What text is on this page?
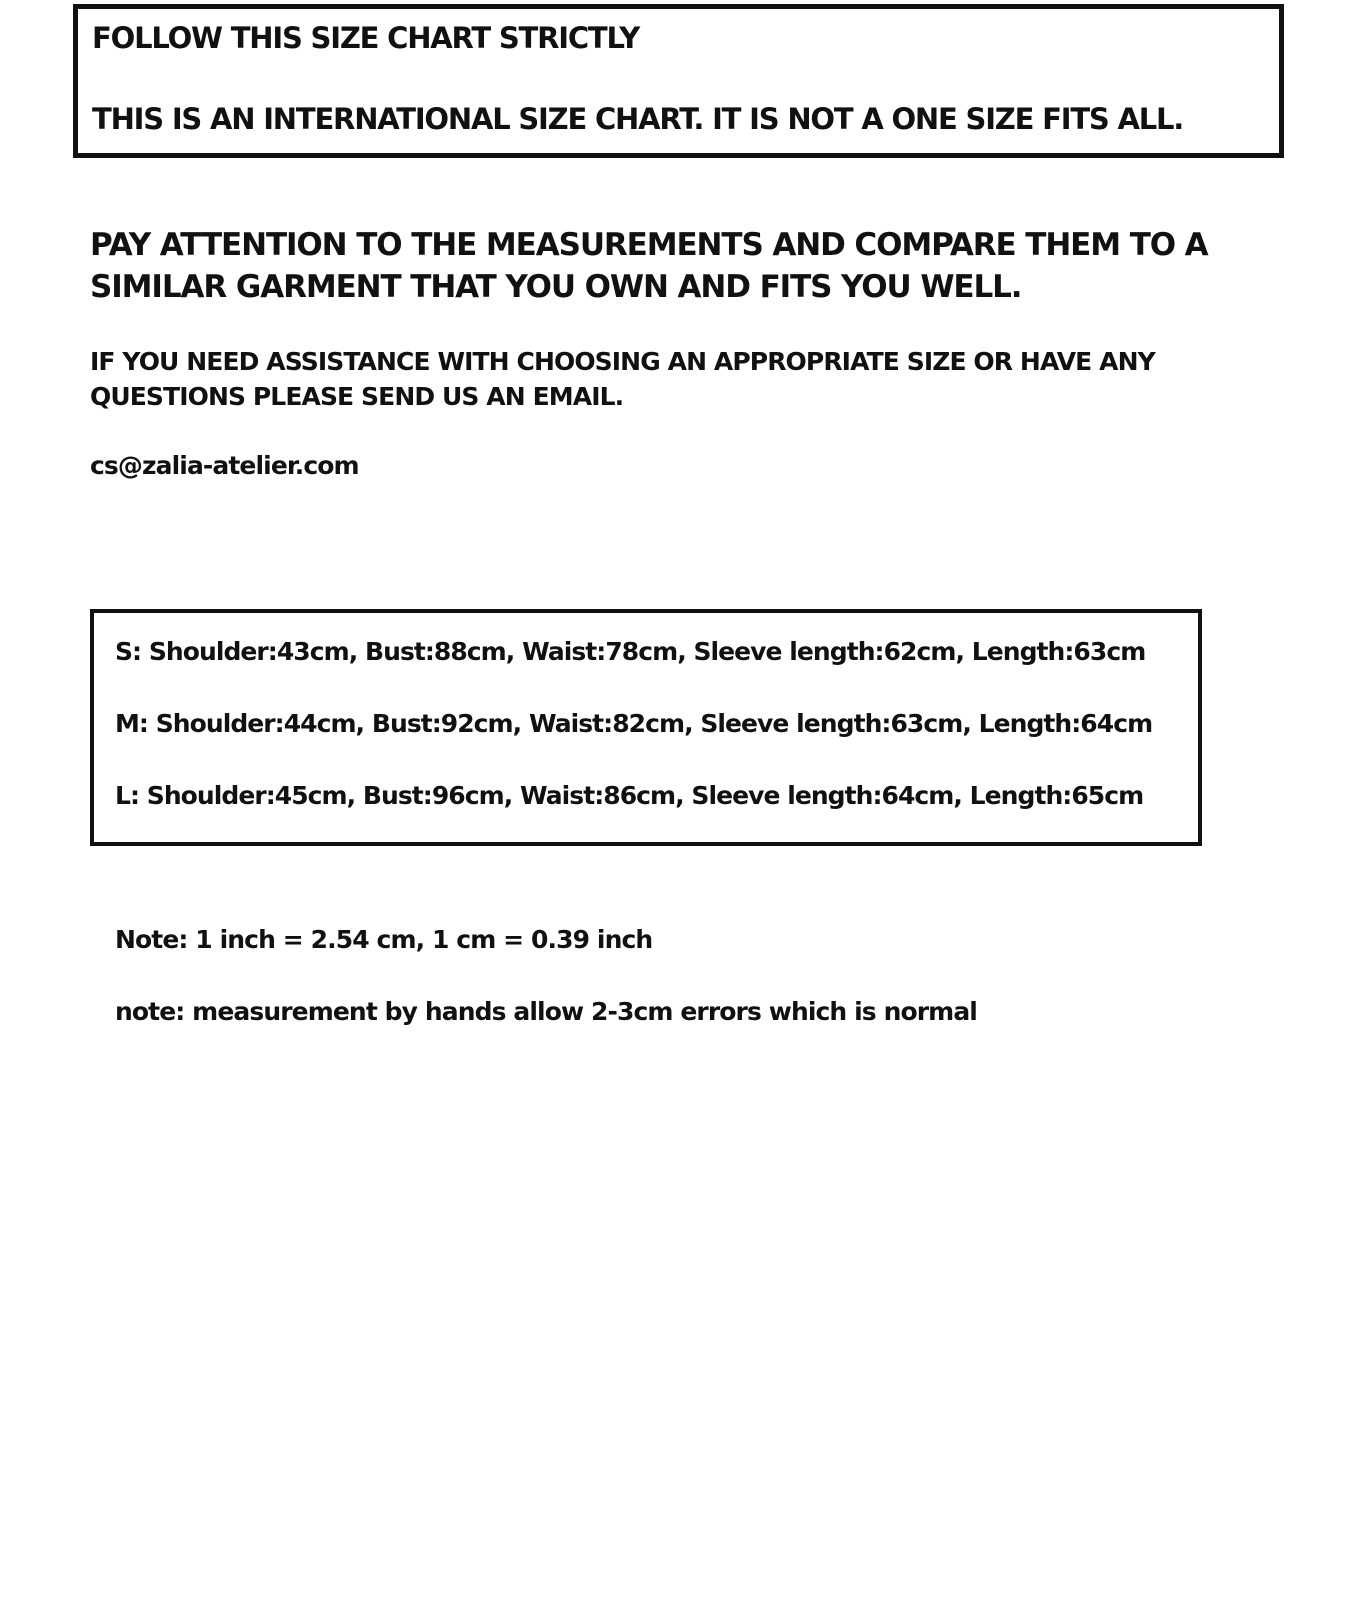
FOLLOW THIS SIZE CHART STRICTLY
THIS IS AN INTERNATIONAL SIZE CHART. IT IS NOT A ONE SIZE FITS ALL.
PAY ATTENTION TO THE MEASUREMENTS AND COMPARE THEM TO A SIMILAR GARMENT THAT YOU OWN AND FITS YOU WELL.
IF YOU NEED ASSISTANCE WITH CHOOSING AN APPROPRIATE SIZE OR HAVE ANY QUESTIONS PLEASE SEND US AN EMAIL.
cs@zalia-atelier.com
S: Shoulder:43cm, Bust:88cm, Waist:78cm, Sleeve length:62cm, Length:63cm
M: Shoulder:44cm, Bust:92cm, Waist:82cm, Sleeve length:63cm, Length:64cm
L: Shoulder:45cm, Bust:96cm, Waist:86cm, Sleeve length:64cm, Length:65cm
Note: 1 inch = 2.54 cm, 1 cm = 0.39 inch
note: measurement by hands allow 2-3cm errors which is normal
